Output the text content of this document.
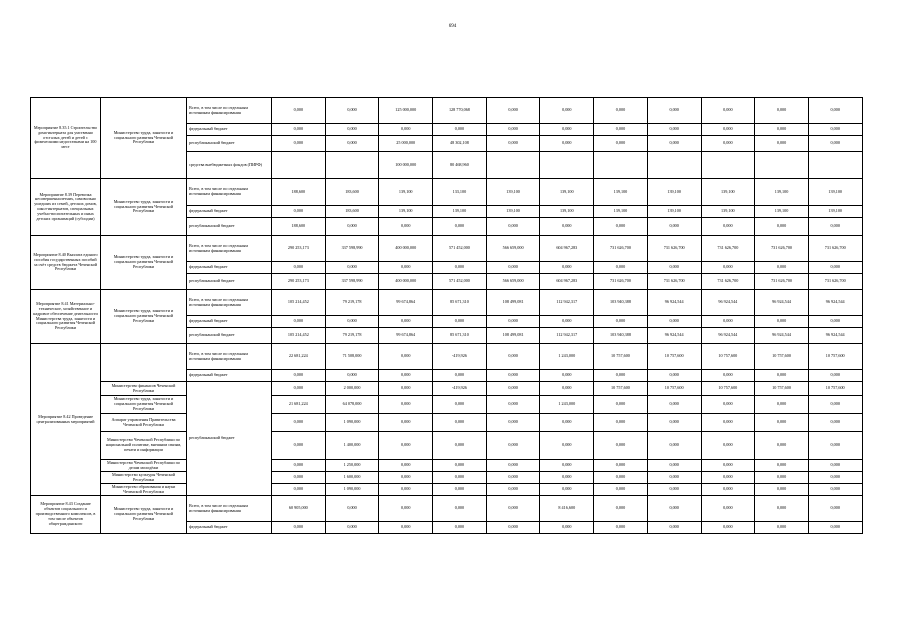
694
Мероприятие 8.35.1 Строительство дома-интерната для умственно отсталых детей и детей с физическими недостатками на 100 мест	Министерство труда, занятости и социального развития Чеченской Республики	Всего, в том числе по отдельным источникам финансирования	0,000	0,000	125 000,000	128 770,068	0,000	0,000	0,000	0,000	0,000	0,000	0,000
		федеральный бюджет	0,000	0,000	0,000	0,000	0,000	0,000	0,000	0,000	0,000	0,000	0,000
		республиканский бюджет	0,000	0,000	25 000,000	48 302,108	0,000	0,000	0,000	0,000	0,000	0,000	0,000
		средства внебюджетных фондов (ПИРФ)			100 000,000	80 468,960							
Мероприятие 8.39 Перевозка несовершеннолетних, самовольно ушедших из семей, детских домов, школ-интернатов, специальных учебно-воспитательных и иных детских организаций (субсидии)	Министерство труда, занятости и социального развития Чеченской Республики	Всего, в том числе по отдельным источникам финансирования	188,600	183,600	139,100	133,100	139,100	139,100	139,100	139,100	139,100	139,100	139,100
		федеральный бюджет	0,000	183,600	139,100	139,100	139,100	139,100	139,100	139,100	139,100	139,100	139,100
		республиканский бюджет	188,600	0,000	0,000	0,000	0,000	0,000	0,000	0,000	0,000	0,000	0,000
Мероприятие 8.40 Выплата единого пособия государственных пособий за счёт средств бюджета Чеченской Республики	Министерство труда, занятости и социального развития Чеченской Республики	Всего, в том числе по отдельным источникам финансирования	290 253,173	337 598,990	400 000,000	571 452,000	566 659,000	604 967,283	731 626,700	731 626,700	731 626,700	731 626,700	731 626,700
		федеральный бюджет	0,000	0,000	0,000	0,000	0,000	0,000	0,000	0,000	0,000	0,000	0,000
		республиканский бюджет	290 253,173	337 598,990	400 000,000	571 452,000	566 659,000	604 967,283	731 626,700	731 626,700	731 626,700	731 626,700	731 626,700
Мероприятие 8.41 Материально-техническое, хозяйственное и кадровое обеспечение деятельности Министерства труда, занятости и социального развития Чеченской Республики	Министерство труда, занятости и социального развития Чеченской Республики	Всего, в том числе по отдельным источникам финансирования	105 214,452	79 219,178	99 674,864	85 671,310	108 499,081	112 942,317	103 940,388	96 924,544	96 924,544	96 924,544	96 924,544
		федеральный бюджет	0,000	0,000	0,000	0,000	0,000	0,000	0,000	0,000	0,000	0,000	0,000
		республиканский бюджет	105 214,452	79 219,178	99 674,864	85 671,310	108 499,081	112 942,317	103 940,388	96 924,544	96 924,544	96 924,544	96 924,544
Мероприятие 8.42 Проведение централизованных мероприятий		Всего, в том числе по отдельным источникам финансирования	22 681,224	71 508,000	0,000	-419,926	0,000	1 243,000	10 757,600	10 757,600	10 757,600	10 757,600	10 757,600
		федеральный бюджет	0,000	0,000	0,000	0,000	0,000	0,000	0,000	0,000	0,000	0,000	0,000
	Министерство финансов Чеченской Республики	республиканский бюджет	0,000	2 000,000	0,000	-419,926	0,000	0,000	10 757,600	10 757,600	10 757,600	10 757,600	10 757,600
	Министерство труда, занятости и социального развития Чеченской Республики		21 681,224	64 078,000	0,000	0,000	0,000	1 243,000	0,000	0,000	0,000	0,000	0,000
	Аппарат управления Правительства Чеченской Республики		0,000	1 090,000	0,000	0,000	0,000	0,000	0,000	0,000	0,000	0,000	0,000
	Министерство Чеченской Республики по национальной политике, внешним связям, печати и информации		0,000	1 400,000	0,000	0,000	0,000	0,000	0,000	0,000	0,000	0,000	0,000
	Министерство Чеченской Республики по делам молодёжи		0,000	1 250,000	0,000	0,000	0,000	0,000	0,000	0,000	0,000	0,000	0,000
	Министерство культуры Чеченской Республики		0,000	1 600,000	0,000	0,000	0,000	0,000	0,000	0,000	0,000	0,000	0,000
	Министерство образования и науки Чеченской Республики		0,000	1 090,000	0,000	0,000	0,000	0,000	0,000	0,000	0,000	0,000	0,000
Мероприятие 8.43 Создание объектов социального и производственного комплексов, в том числе объектов общегражданского	Министерство труда, занятости и социального развития Чеченской Республики	Всего, в том числе по отдельным источникам финансирования	60 905,000	0,000	0,000	0,000	0,000	8 416,600	0,000	0,000	0,000	0,000	0,000
		федеральный бюджет	0,000	0,000	0,000	0,000	0,000	0,000	0,000	0,000	0,000	0,000	0,000
